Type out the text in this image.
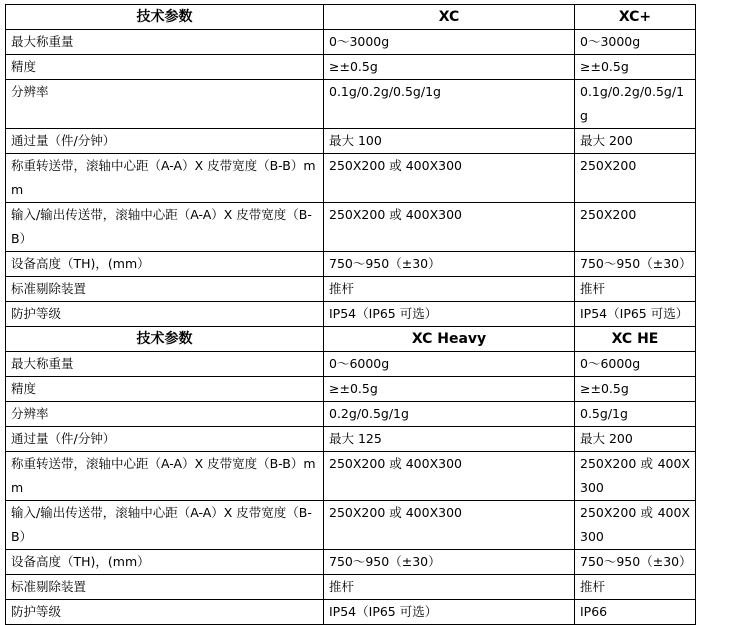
技术参数	XC	XC+
最大称重量	0～3000g	0～3000g
精度	≥±0.5g	≥±0.5g
分辨率	0.1g/0.2g/0.5g/1g	0.1g/0.2g/0.5g/1g
通过量（件/分钟）	最大 100	最大 200
称重转送带，滚轴中心距（A-A）X 皮带宽度（B-B）mm	250X200 或 400X300	250X200
输入/输出传送带，滚轴中心距（A-A）X 皮带宽度（B-B）	250X200 或 400X300	250X200
设备高度（TH)，(mm）	750～950（±30）	750～950（±30）
标准剔除装置	推杆	推杆
防护等级	IP54（IP65 可选）	IP54（IP65 可选）
技术参数	XC Heavy	XC HE
最大称重量	0～6000g	0～6000g
精度	≥±0.5g	≥±0.5g
分辨率	0.2g/0.5g/1g	0.5g/1g
通过量（件/分钟）	最大 125	最大 200
称重转送带，滚轴中心距（A-A）X 皮带宽度（B-B）mm	250X200 或 400X300	250X200 或 400X300
输入/输出传送带，滚轴中心距（A-A）X 皮带宽度（B-B）	250X200 或 400X300	250X200 或 400X300
设备高度（TH)，(mm）	750～950（±30）	750～950（±30）
标准剔除装置	推杆	推杆
防护等级	IP54（IP65 可选）	IP66
